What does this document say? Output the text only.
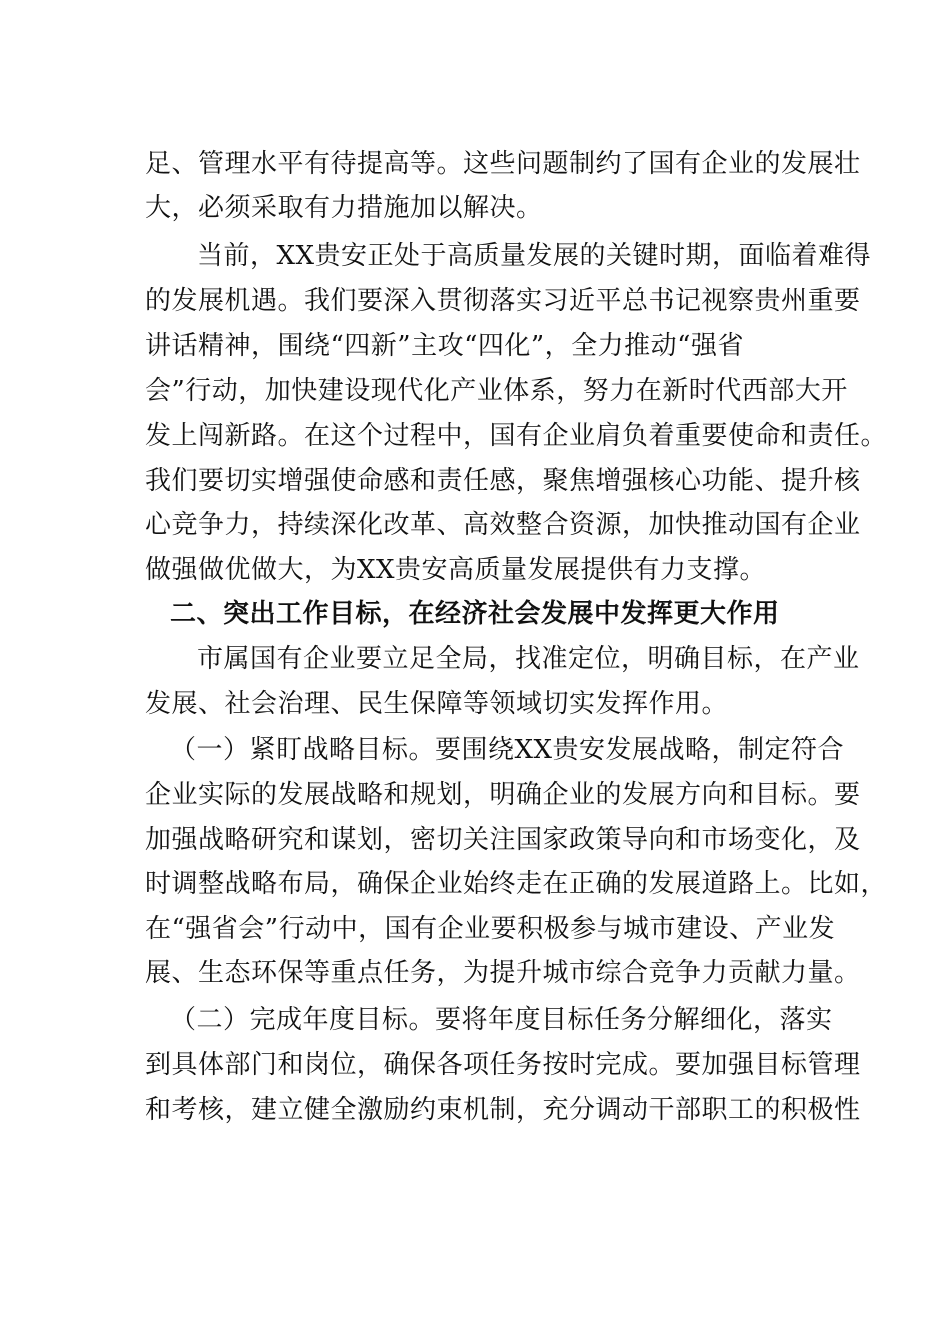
足、管理水平有待提高等。这些问题制约了国有企业的发展壮
大，必须采取有力措施加以解决。
当前，XX贵安正处于高质量发展的关键时期，面临着难得
的发展机遇。我们要深入贯彻落实习近平总书记视察贵州重要
讲话精神，围绕“四新”主攻“四化”，全力推动“强省
会”行动，加快建设现代化产业体系，努力在新时代西部大开
发上闯新路。在这个过程中，国有企业肩负着重要使命和责任。
我们要切实增强使命感和责任感，聚焦增强核心功能、提升核
心竞争力，持续深化改革、高效整合资源，加快推动国有企业
做强做优做大，为XX贵安高质量发展提供有力支撑。
二、突出工作目标，在经济社会发展中发挥更大作用
市属国有企业要立足全局，找准定位，明确目标，在产业
发展、社会治理、民生保障等领域切实发挥作用。
（一）紧盯战略目标。要围绕XX贵安发展战略，制定符合
企业实际的发展战略和规划，明确企业的发展方向和目标。要
加强战略研究和谋划，密切关注国家政策导向和市场变化，及
时调整战略布局，确保企业始终走在正确的发展道路上。比如，
在“强省会”行动中，国有企业要积极参与城市建设、产业发
展、生态环保等重点任务，为提升城市综合竞争力贡献力量。
（二）完成年度目标。要将年度目标任务分解细化，落实
到具体部门和岗位，确保各项任务按时完成。要加强目标管理
和考核，建立健全激励约束机制，充分调动干部职工的积极性
